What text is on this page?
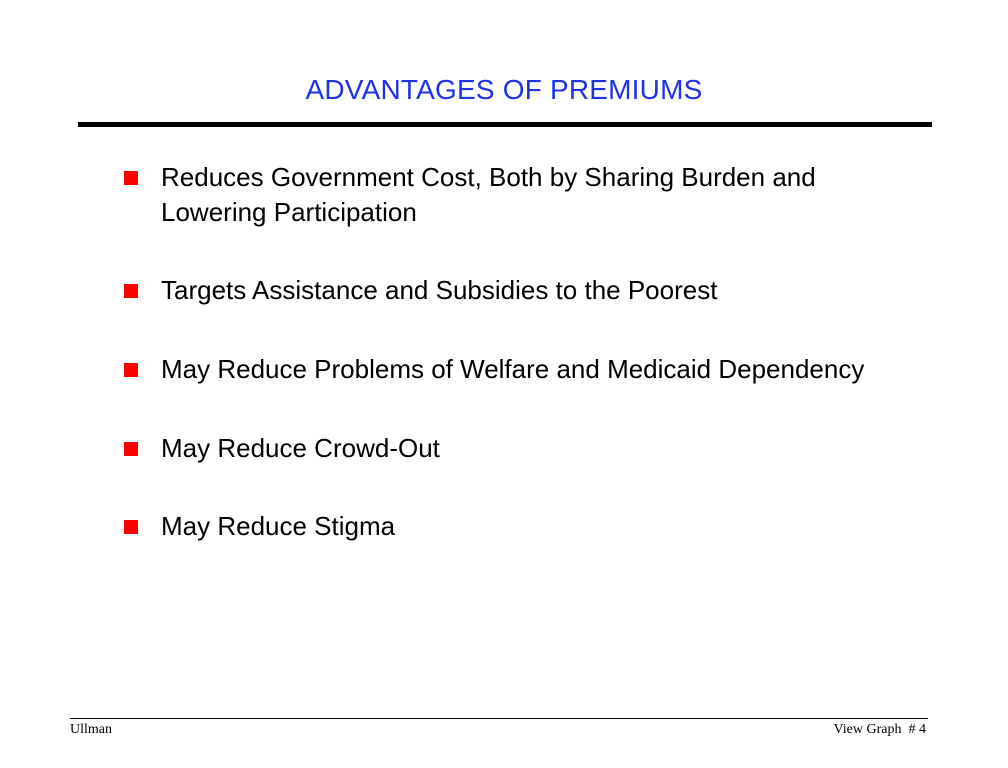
ADVANTAGES OF PREMIUMS
Reduces Government Cost, Both by Sharing Burden and Lowering Participation
Targets Assistance and Subsidies to the Poorest
May Reduce Problems of Welfare and Medicaid Dependency
May Reduce Crowd-Out
May Reduce Stigma
Ullman	View Graph  # 4
